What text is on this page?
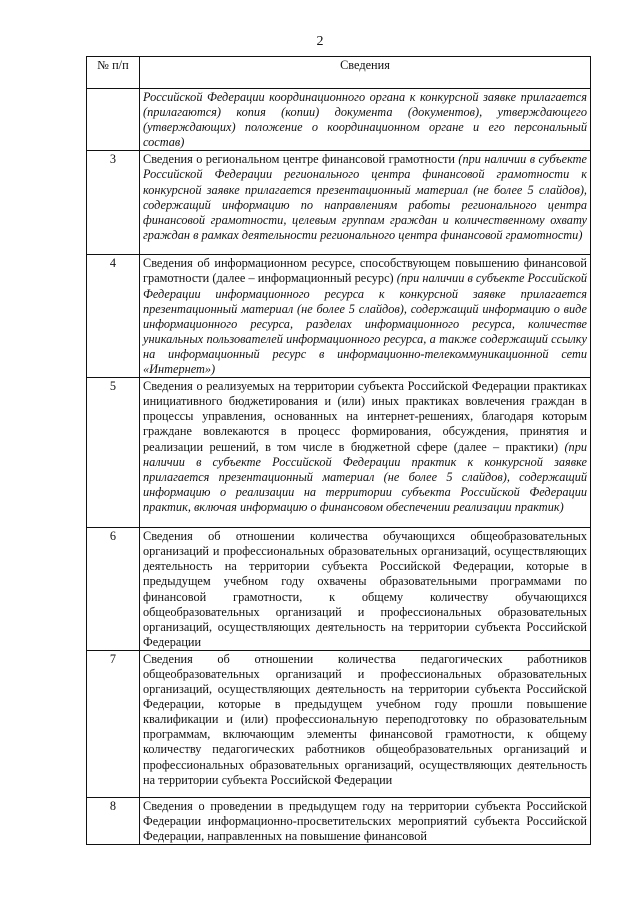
2
№ п/п	Сведения
	Российской Федерации координационного органа к конкурсной заявке прилагается (прилагаются) копия (копии) документа (документов), утверждающего (утверждающих) положение о координационном органе и его персональный состав)
3	Сведения о региональном центре финансовой грамотности (при наличии в субъекте Российской Федерации регионального центра финансовой грамотности к конкурсной заявке прилагается презентационный материал (не более 5 слайдов), содержащий информацию по направлениям работы регионального центра финансовой грамотности, целевым группам граждан и количественному охвату граждан в рамках деятельности регионального центра финансовой грамотности)
4	Сведения об информационном ресурсе, способствующем повышению финансовой грамотности (далее – информационный ресурс) (при наличии в субъекте Российской Федерации информационного ресурса к конкурсной заявке прилагается презентационный материал (не более 5 слайдов), содержащий информацию о виде информационного ресурса, разделах информационного ресурса, количестве уникальных пользователей информационного ресурса, а также содержащий ссылку на информационный ресурс в информационно-телекоммуникационной сети «Интернет»)
5	Сведения о реализуемых на территории субъекта Российской Федерации практиках инициативного бюджетирования и (или) иных практиках вовлечения граждан в процессы управления, основанных на интернет-решениях, благодаря которым граждане вовлекаются в процесс формирования, обсуждения, принятия и реализации решений, в том числе в бюджетной сфере (далее – практики) (при наличии в субъекте Российской Федерации практик к конкурсной заявке прилагается презентационный материал (не более 5 слайдов), содержащий информацию о реализации на территории субъекта Российской Федерации практик, включая информацию о финансовом обеспечении реализации практик)
6	Сведения об отношении количества обучающихся общеобразовательных организаций и профессиональных образовательных организаций, осуществляющих деятельность на территории субъекта Российской Федерации, которые в предыдущем учебном году охвачены образовательными программами по финансовой грамотности, к общему количеству обучающихся общеобразовательных организаций и профессиональных образовательных организаций, осуществляющих деятельность на территории субъекта Российской Федерации
7	Сведения об отношении количества педагогических работников общеобразовательных организаций и профессиональных образовательных организаций, осуществляющих деятельность на территории субъекта Российской Федерации, которые в предыдущем учебном году прошли повышение квалификации и (или) профессиональную переподготовку по образовательным программам, включающим элементы финансовой грамотности, к общему количеству педагогических работников общеобразовательных организаций и профессиональных образовательных организаций, осуществляющих деятельность на территории субъекта Российской Федерации
8	Сведения о проведении в предыдущем году на территории субъекта Российской Федерации информационно-просветительских мероприятий субъекта Российской Федерации, направленных на повышение финансовой
